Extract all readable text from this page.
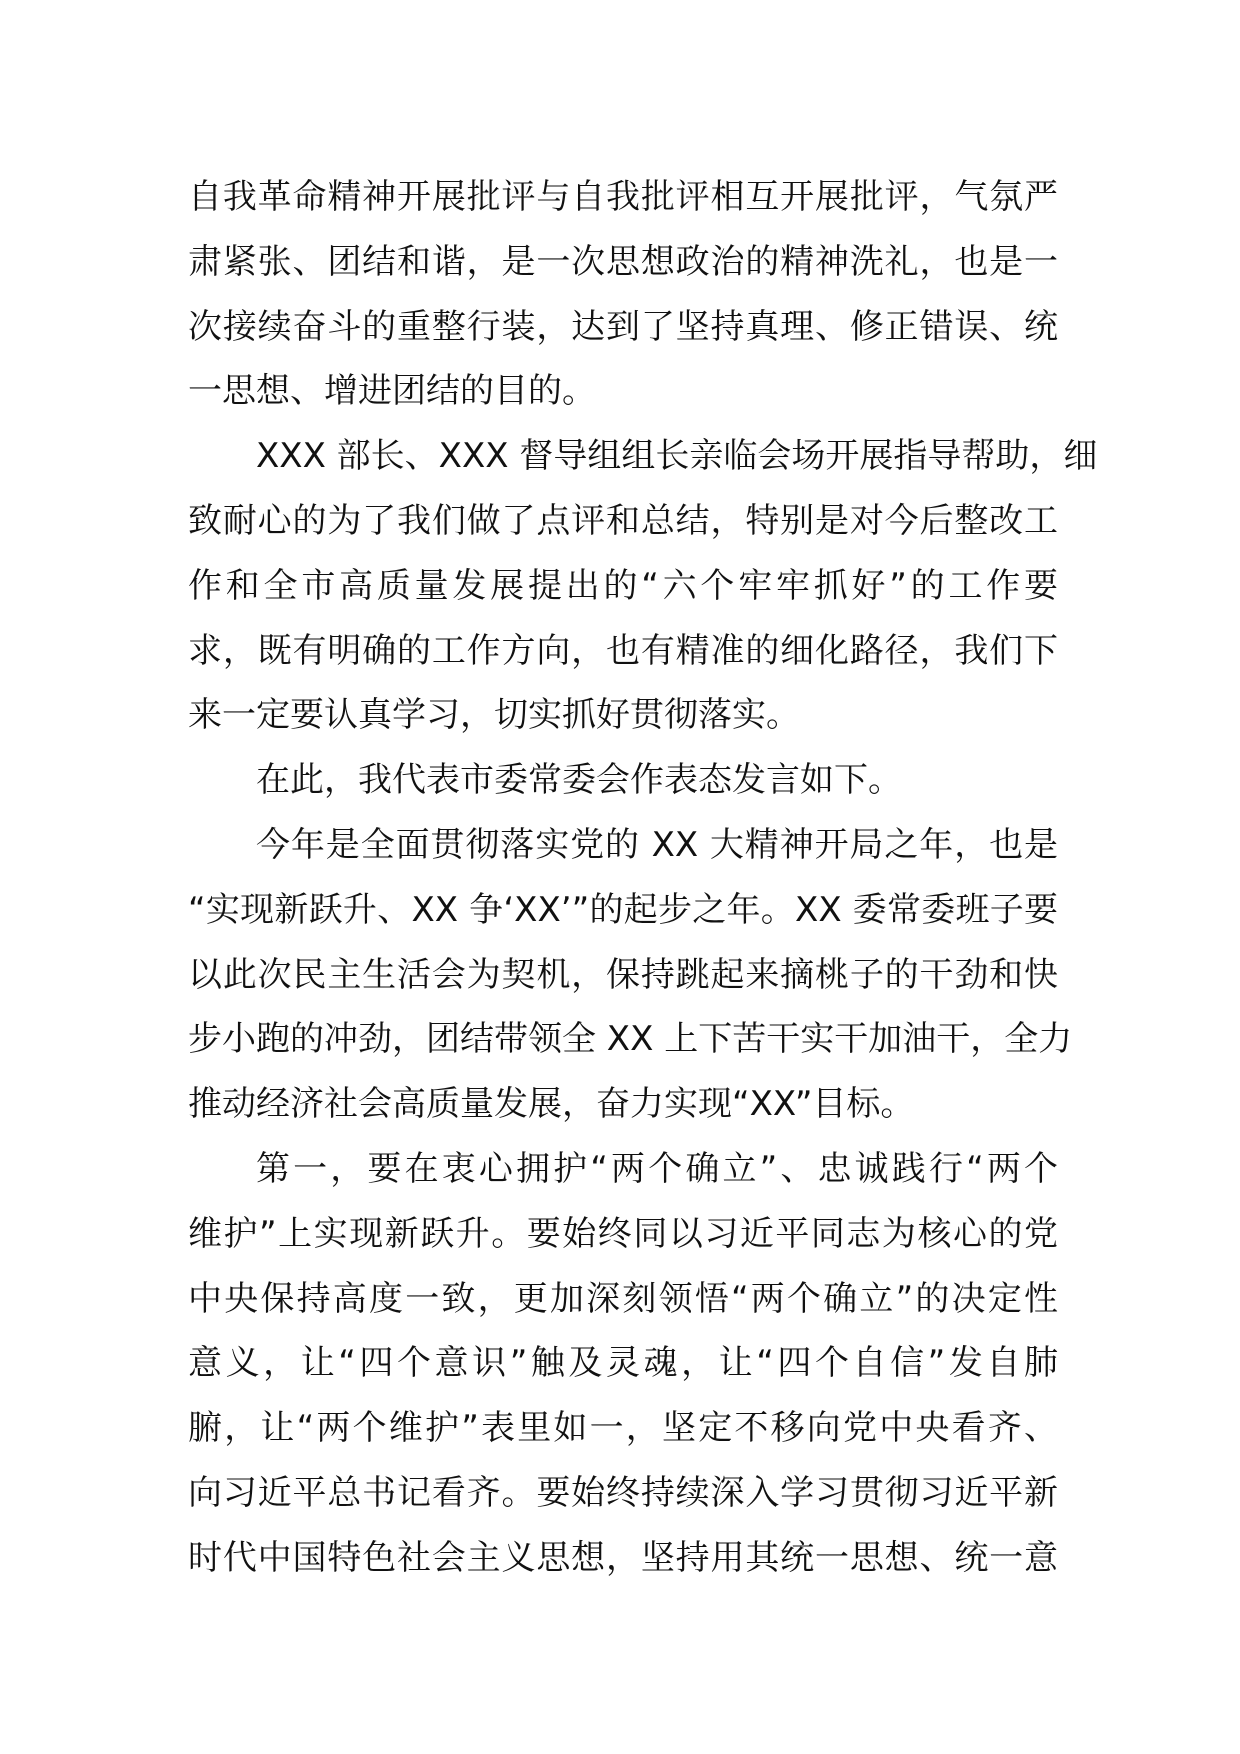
自我革命精神开展批评与自我批评相互开展批评，气氛严
肃紧张、团结和谐，是一次思想政治的精神洗礼，也是一
次接续奋斗的重整行装，达到了坚持真理、修正错误、统
一思想、增进团结的目的。
XXX 部长、XXX 督导组组长亲临会场开展指导帮助，细
致耐心的为了我们做了点评和总结，特别是对今后整改工
作和全市高质量发展提出的“六个牢牢抓好”的工作要
求，既有明确的工作方向，也有精准的细化路径，我们下
来一定要认真学习，切实抓好贯彻落实。
在此，我代表市委常委会作表态发言如下。
今年是全面贯彻落实党的 XX 大精神开局之年，也是
“实现新跃升、XX 争‘XX’”的起步之年。XX 委常委班子要
以此次民主生活会为契机，保持跳起来摘桃子的干劲和快
步小跑的冲劲，团结带领全 XX 上下苦干实干加油干，全力
推动经济社会高质量发展，奋力实现“XX”目标。
第一，要在衷心拥护“两个确立”、忠诚践行“两个
维护”上实现新跃升。要始终同以习近平同志为核心的党
中央保持高度一致，更加深刻领悟“两个确立”的决定性
意义，让“四个意识”触及灵魂，让“四个自信”发自肺
腑，让“两个维护”表里如一，坚定不移向党中央看齐、
向习近平总书记看齐。要始终持续深入学习贯彻习近平新
时代中国特色社会主义思想，坚持用其统一思想、统一意
